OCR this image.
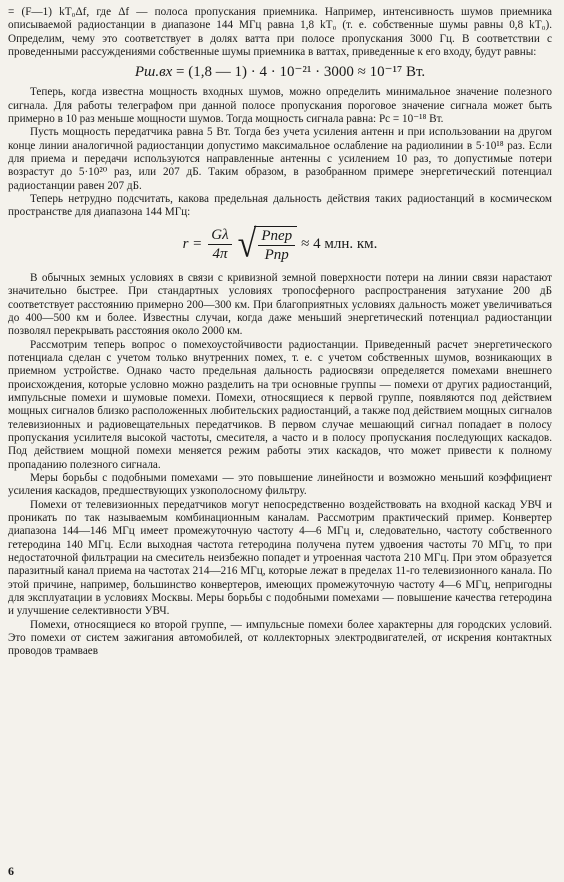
= (F—1) kT₀Δf, где Δf — полоса пропускания приемника. Например, интенсивность шумов приемника описываемой радиостанции в диапазоне 144 МГц равна 1,8 kT₀ (т. е. собственные шумы равны 0,8 kT₀). Определим, чему это соответствует в долях ватта при полосе пропускания 3000 Гц. В соответствии с проведенными рассуждениями собственные шумы приемника в ваттах, приведенные к его входу, будут равны:

Pш.вх = (1,8 — 1) · 4 · 10⁻²¹ · 3000 ≈ 10⁻¹⁷ Вт.

Теперь, когда известна мощность входных шумов, можно определить минимальное значение полезного сигнала. Для работы телеграфом при данной полосе пропускания пороговое значение сигнала может быть примерно в 10 раз меньше мощности шумов. Тогда мощность сигнала равна: Pс = 10⁻¹⁸ Вт.

Пусть мощность передатчика равна 5 Вт. Тогда без учета усиления антенн и при использовании на другом конце линии аналогичной радиостанции допустимо максимальное ослабление на радиолинии в 5·10¹⁸ раз. Если для приема и передачи используются направленные антенны с усилением 10 раз, то допустимые потери возрастут до 5·10²⁰ раз, или 207 дБ. Таким образом, в разобранном примере энергетический потенциал радиостанции равен 207 дБ.

Теперь нетрудно подсчитать, какова предельная дальность действия таких радиостанций в космическом пространстве для диапазона 144 МГц:

$r = \frac{G\lambda}{4\pi}$ √ $\frac{\text{Pпер}}{\text{Pпр}} \approx 4$ млн. км.

В обычных земных условиях в связи с кривизной земной поверхности потери на линии связи нарастают значительно быстрее. При стандартных условиях тропосферного распространения затухание 200 дБ соответствует расстоянию примерно 200—300 км. При благоприятных условиях дальность может увеличиваться до 400—500 км и более. Известны случаи, когда даже меньший энергетический потенциал радиостанции позволял перекрывать расстояния около 2000 км.

Рассмотрим теперь вопрос о помехоустойчивости радиостанции. Приведенный расчет энергетического потенциала сделан с учетом только внутренних помех, т. е. с учетом собственных шумов, возникающих в приемном устройстве. Однако часто предельная дальность радиосвязи определяется помехами внешнего происхождения, которые условно можно разделить на три основные группы — помехи от других радиостанций, импульсные помехи и шумовые помехи. Помехи, относящиеся к первой группе, появляются под действием мощных сигналов близко расположенных любительских радиостанций, а также под действием мощных сигналов телевизионных и радиовещательных передатчиков. В первом случае мешающий сигнал попадает в полосу пропускания усилителя высокой частоты, смесителя, а часто и в полосу пропускания последующих каскадов. Под действием мощной помехи меняется режим работы этих каскадов, что может привести к полному пропаданию полезного сигнала.

Меры борьбы с подобными помехами — это повышение линейности и возможно меньший коэффициент усиления каскадов, предшествующих узкополосному фильтру.

Помехи от телевизионных передатчиков могут непосредственно воздействовать на входной каскад УВЧ и проникать по так называемым комбинационным каналам. Рассмотрим практический пример. Конвертер диапазона 144—146 МГц имеет промежуточную частоту 4—6 МГц и, следовательно, частоту собственного гетеродина 140 МГц. Если выходная частота гетеродина получена путем удвоения частоты 70 МГц, то при недостаточной фильтрации на смеситель неизбежно попадет и утроенная частота 210 МГц. При этом образуется паразитный канал приема на частотах 214—216 МГц, которые лежат в пределах 11-го телевизионного канала. По этой причине, например, большинство конвертеров, имеющих промежуточную частоту 4—6 МГц, непригодны для эксплуатации в условиях Москвы. Меры борьбы с подобными помехами — повышение качества гетеродина и улучшение селективности УВЧ.

Помехи, относящиеся ко второй группе, — импульсные помехи более характерны для городских условий. Это помехи от систем зажигания автомобилей, от коллекторных электродвигателей, от искрения контактных проводов трамваев

6
